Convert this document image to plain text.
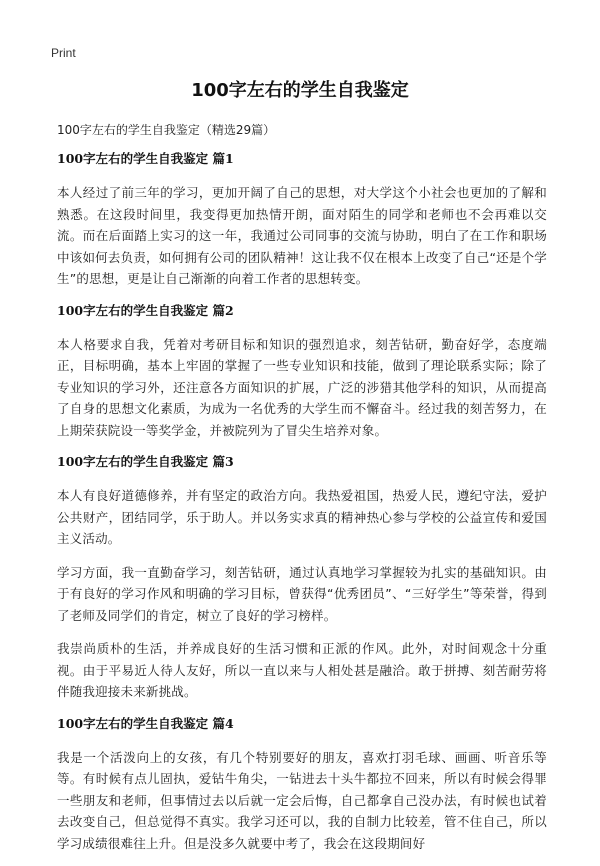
Print
100字左右的学生自我鉴定
100字左右的学生自我鉴定（精选29篇）
100字左右的学生自我鉴定 篇1

本人经过了前三年的学习，更加开阔了自己的思想，对大学这个小社会也更加的了解和熟悉。在这段时间里，我变得更加热情开朗，面对陌生的同学和老师也不会再难以交流。而在后面踏上实习的这一年，我通过公司同事的交流与协助，明白了在工作和职场中该如何去负责，如何拥有公司的团队精神！这让我不仅在根本上改变了自己“还是个学生”的思想，更是让自己渐渐的向着工作者的思想转变。

100字左右的学生自我鉴定 篇2

本人格要求自我，凭着对考研目标和知识的强烈追求，刻苦钻研，勤奋好学，态度端正，目标明确，基本上牢固的掌握了一些专业知识和技能，做到了理论联系实际；除了专业知识的学习外，还注意各方面知识的扩展，广泛的涉猎其他学科的知识，从而提高了自身的思想文化素质，为成为一名优秀的大学生而不懈奋斗。经过我的刻苦努力，在上期荣获院设一等奖学金，并被院列为了冒尖生培养对象。

100字左右的学生自我鉴定 篇3

本人有良好道德修养，并有坚定的政治方向。我热爱祖国，热爱人民，遵纪守法，爱护公共财产，团结同学，乐于助人。并以务实求真的精神热心参与学校的公益宣传和爱国主义活动。

学习方面，我一直勤奋学习，刻苦钻研，通过认真地学习掌握较为扎实的基础知识。由于有良好的学习作风和明确的学习目标，曾获得“优秀团员”、“三好学生”等荣誉，得到了老师及同学们的肯定，树立了良好的学习榜样。

我崇尚质朴的生活，并养成良好的生活习惯和正派的作风。此外，对时间观念十分重视。由于平易近人待人友好，所以一直以来与人相处甚是融洽。敢于拼搏、刻苦耐劳将伴随我迎接未来新挑战。

100字左右的学生自我鉴定 篇4

我是一个活泼向上的女孩，有几个特别要好的朋友，喜欢打羽毛球、画画、听音乐等等。有时候有点儿固执，爱钻牛角尖，一钻进去十头牛都拉不回来，所以有时候会得罪一些朋友和老师，但事情过去以后就一定会后悔，自己都拿自己没办法，有时候也试着去改变自己，但总觉得不真实。我学习还可以，我的自制力比较差，管不住自己，所以学习成绩很难往上升。但是没多久就要中考了，我会在这段期间好
